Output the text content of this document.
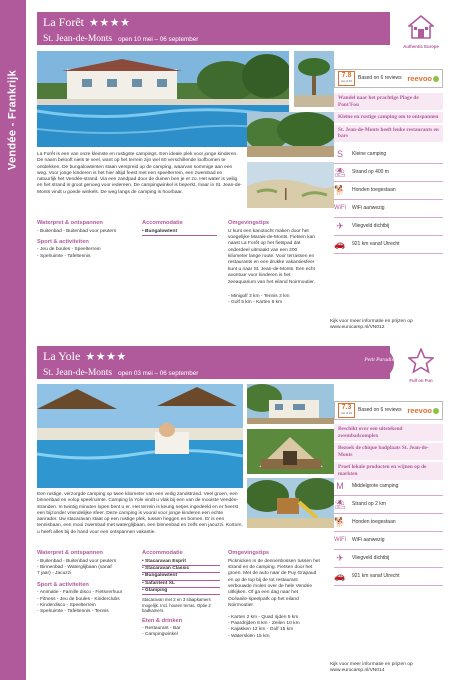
Vendée - Frankrijk
10
La Forêt ★★★★
St. Jean-de-Monts open 10 mei – 06 september
Authentic Europe
7.8
out of 10	Based on 6 reviews reevoo
Wandel naar het prachtige Plage de Pont'Fou
Kleine en rustige camping om te ontspannen
St. Jean-de-Monts heeft leuke restaurants en bars
S	Kleine camping
⛱ Strand op 400 m
🐕 Honden toegestaan
WiFi WiFi aanwezig
✈	Vliegveld dichtbij
🚗 921 km vanaf Utrecht
La Forêt is een van onze kleinste en rustigste campings. Een ideale plek voor jonge kinderen. De naam belooft niets te veel, want op het terrein zijn wel 60 verschillende loofbomen te ontdekken. De bungalowtenten staan verspreid op de camping, waarvan sommige aan een weg. Voor jonge kinderen is het hier altijd feest met een speelterrein, een zwembad en natuurlijk het Vendée-strand. Via een zandpad door de duinen ben je er zo. Het water is veilig en het strand is groot genoeg voor iedereen. De campingwinkel is beperkt, maar in St. Jean-de-Monts vindt u goede winkels. De weg langs de camping is hoorbaar.
Waterpret & ontspannen
- Buitenbad - Buitenbad voor peuters
Sport & activiteiten
- Jeu de boules - Speelterrein
- Spelruimte - Tafeltennis
Accommodatie
• Bungalowtent
Omgevingstips
U kunt een kanotocht maken door het voegelijke Marais-de-Monts. Fietsen kan naast La Forêt op het fietspad dat onderdeel uitmaakt van een 200 kilometer lange route. Voor terrassen en restaurants en een drukke vakantiesfeer kunt u naar St. Jean-de-Monts. Een echt avontuur voor kinderen is het zeeaquarium van het eiland Noirmoutier.
- Minigolf 3 km - Tennis 3 km
- Golf 5 km - Karten 6 km
Kijk voor meer informatie en prijzen op www.eurocamp.nl/VN012
La Yole ★★★★
St. Jean-de-Monts open 03 mei – 06 september
Petit Paradis
Full on Fun
7.3
out of 10	Based on 6 reviews reevoo
Beschikt over een uitstekend zwembadcomplex
Bezoek de chique badplaats St. Jean-de-Monts
Proef lokale producten en wijnen op de markten
M	Middelgrote camping
⛱ Strand op 2 km
🐕 Honden toegestaan
WiFi WiFi aanwezig
✈	Vliegveld dichtbij
🚗 921 km vanaf Utrecht
Een rustige, verzorgde camping op twee kilometer van een veilig zandstrand. Veel groen, een binnenbad en volop speelruimte. Camping la Yole vindt u vlak bij een van de mooiste Vendée-stranden. In twintig minuten lopen bent u er. Het terrein is keurig netjes ingedeeld en er heerst een bijzonder vriendelijke sfeer. Deze camping is vooral voor jonge kinderen een echte aanrader. Uw stacaravan staat op een rustige plek, tussen heggen en bomen. Er is een tennisbaan, een mooi zwembad met waterglijbaan, een binnenbad en zelfs een jacuzzi. Kortom, u heeft alles bij de hand voor een ontspannen vakantie.
Waterpret & ontspannen
- Buitenbad - Buitenbad voor peuters
- Binnenbad - Waterglijbaan (vanaf
7 jaar) - Jacuzzi
Sport & activiteiten
- Animatie - Famille disco - Fietsverhuur
- Fitness - Jeu de boules - Kinderclubs
- Kinderdisco - Speelterrein
- Spelruimte - Tafeltennis - Tennis
Accommodatie
• Stacaravan Esprit
• Stacaravan Classic
• Bungalowtent
• Safaritent XL
• Glamping
Stacaravan met 2 en 3 slaapkamers mogelijk. Incl. houten terras. Optie 2 badkamers.
Eten & drinken
- Restaurant - Bar
- Campingwinkel
Omgevingstips
Picknicken in de dennenbossen tussen het strand en de camping. Fietsen door het groen. Met de auto naar de Puy Grapaud en op de top bij de tot restaurant verbouwde molen over de hele Vendée uitkijken. Of ga een dag naar het Océanile-speelpark op het eiland Noirmoutier.
- Karten 2 km - Quad rijden 5 km
- Paardrijden 6 km - Zeilen 10 km
- Kajakken 12 km - Golf 15 km
- Waterskiën 15 km
Kijk voor meer informatie en prijzen op www.eurocamp.nl/VN014
